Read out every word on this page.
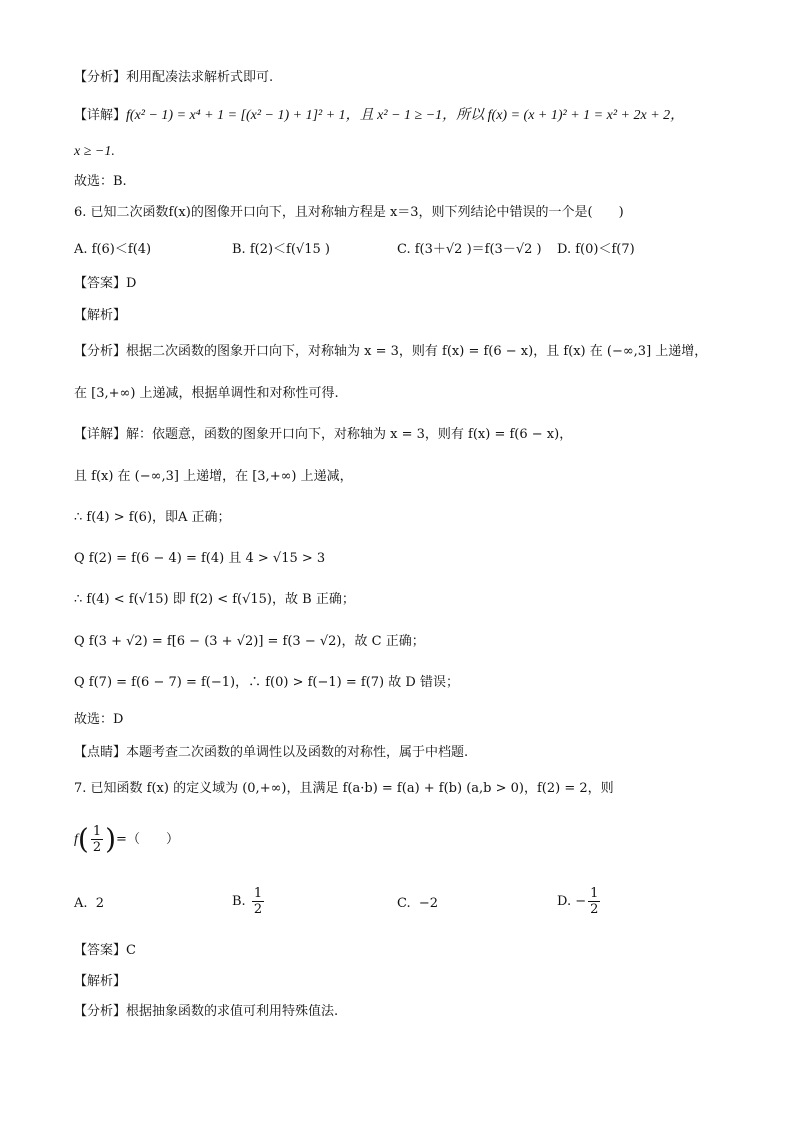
【分析】利用配凑法求解析式即可.
【详解】f(x² − 1) = x⁴ + 1 = [(x² − 1) + 1]² + 1，且 x² − 1 ≥ −1，所以 f(x) = (x + 1)² + 1 = x² + 2x + 2，
x ≥ −1.
故选：B.
6. 已知二次函数f(x)的图像开口向下，且对称轴方程是 x＝3，则下列结论中错误的一个是(　　)
A. f(6)＜f(4)	B. f(2)＜f(√15 )	C. f(3＋√2 )＝f(3－√2 ) D. f(0)＜f(7)
【答案】D
【解析】
【分析】根据二次函数的图象开口向下，对称轴为 x = 3，则有 f(x) = f(6 − x)，且 f(x) 在 (−∞,3] 上递增，
在 [3,+∞) 上递减，根据单调性和对称性可得.
【详解】解：依题意，函数的图象开口向下，对称轴为 x = 3，则有 f(x) = f(6 − x)，
且 f(x) 在 (−∞,3] 上递增，在 [3,+∞) 上递减，
∴ f(4) > f(6)，即A 正确；
Q f(2) = f(6 − 4) = f(4) 且 4 > √15 > 3
∴ f(4) < f(√15) 即 f(2) < f(√15)，故 B 正确；
Q f(3 + √2) = f[6 − (3 + √2)] = f(3 − √2)，故 C 正确；
Q f(7) = f(6 − 7) = f(−1)，∴ f(0) > f(−1) = f(7) 故 D 错误；
故选：D
【点睛】本题考查二次函数的单调性以及函数的对称性，属于中档题.
7. 已知函数 f(x) 的定义域为 (0,+∞)，且满足 f(a·b) = f(a) + f(b) (a,b > 0)，f(2) = 2，则
$f( \frac{1}{2}$ )=（　　）
A. 2	B. $\frac{1}{2}$	C. −2	D. − $\frac{1}{2}$
【答案】C
【解析】
【分析】根据抽象函数的求值可利用特殊值法.
